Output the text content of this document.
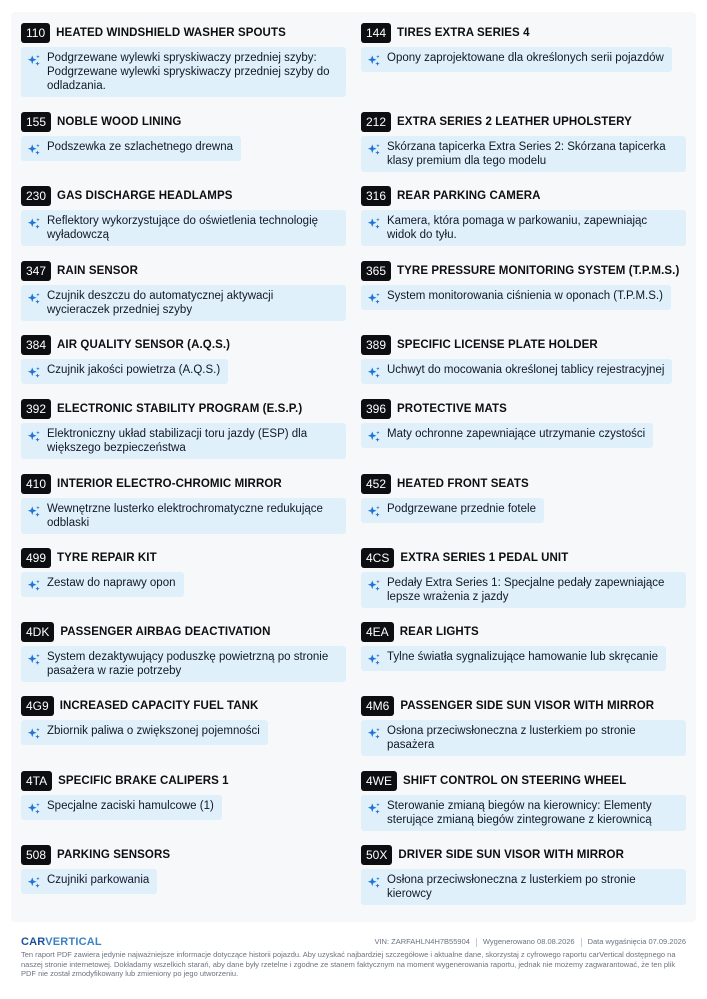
110 HEATED WINDSHIELD WASHER SPOUTS
Podgrzewane wylewki spryskiwaczy przedniej szyby: Podgrzewane wylewki spryskiwaczy przedniej szyby do odladzania.
155 NOBLE WOOD LINING
Podszewka ze szlachetnego drewna
230 GAS DISCHARGE HEADLAMPS
Reflektory wykorzystujące do oświetlenia technologię wyładowczą
347 RAIN SENSOR
Czujnik deszczu do automatycznej aktywacji wycieraczek przedniej szyby
384 AIR QUALITY SENSOR (A.Q.S.)
Czujnik jakości powietrza (A.Q.S.)
392 ELECTRONIC STABILITY PROGRAM (E.S.P.)
Elektroniczny układ stabilizacji toru jazdy (ESP) dla większego bezpieczeństwa
410 INTERIOR ELECTRO-CHROMIC MIRROR
Wewnętrzne lusterko elektrochromatyczne redukujące odblaski
499 TYRE REPAIR KIT
Zestaw do naprawy opon
4DK PASSENGER AIRBAG DEACTIVATION
System dezaktywujący poduszkę powietrzną po stronie pasażera w razie potrzeby
4G9 INCREASED CAPACITY FUEL TANK
Zbiornik paliwa o zwiększonej pojemności
4TA SPECIFIC BRAKE CALIPERS 1
Specjalne zaciski hamulcowe (1)
508 PARKING SENSORS
Czujniki parkowania
144 TIRES EXTRA SERIES 4
Opony zaprojektowane dla określonych serii pojazdów
212 EXTRA SERIES 2 LEATHER UPHOLSTERY
Skórzana tapicerka Extra Series 2: Skórzana tapicerka klasy premium dla tego modelu
316 REAR PARKING CAMERA
Kamera, która pomaga w parkowaniu, zapewniając widok do tyłu.
365 TYRE PRESSURE MONITORING SYSTEM (T.P.M.S.)
System monitorowania ciśnienia w oponach (T.P.M.S.)
389 SPECIFIC LICENSE PLATE HOLDER
Uchwyt do mocowania określonej tablicy rejestracyjnej
396 PROTECTIVE MATS
Maty ochronne zapewniające utrzymanie czystości
452 HEATED FRONT SEATS
Podgrzewane przednie fotele
4CS EXTRA SERIES 1 PEDAL UNIT
Pedały Extra Series 1: Specjalne pedały zapewniające lepsze wrażenia z jazdy
4EA REAR LIGHTS
Tylne światła sygnalizujące hamowanie lub skręcanie
4M6 PASSENGER SIDE SUN VISOR WITH MIRROR
Osłona przeciwsłoneczna z lusterkiem po stronie pasażera
4WE SHIFT CONTROL ON STEERING WHEEL
Sterowanie zmianą biegów na kierownicy: Elementy sterujące zmianą biegów zintegrowane z kierownicą
50X DRIVER SIDE SUN VISOR WITH MIRROR
Osłona przeciwsłoneczna z lusterkiem po stronie kierowcy
CARVERTICAL	VIN: ZARFAHLN4H7B55904 Wygenerowano 08.08.2026 Data wygaśnięcia 07.09.2026
Ten raport PDF zawiera jedynie najważniejsze informacje dotyczące historii pojazdu. Aby uzyskać najbardziej szczegółowe i aktualne dane, skorzystaj z cyfrowego raportu carVertical dostępnego na naszej stronie internetowej. Dokładamy wszelkich starań, aby dane były rzetelne i zgodne ze stanem faktycznym na moment wygenerowania raportu, jednak nie możemy zagwarantować, że ten plik PDF nie został zmodyfikowany lub zmieniony po jego utworzeniu.
